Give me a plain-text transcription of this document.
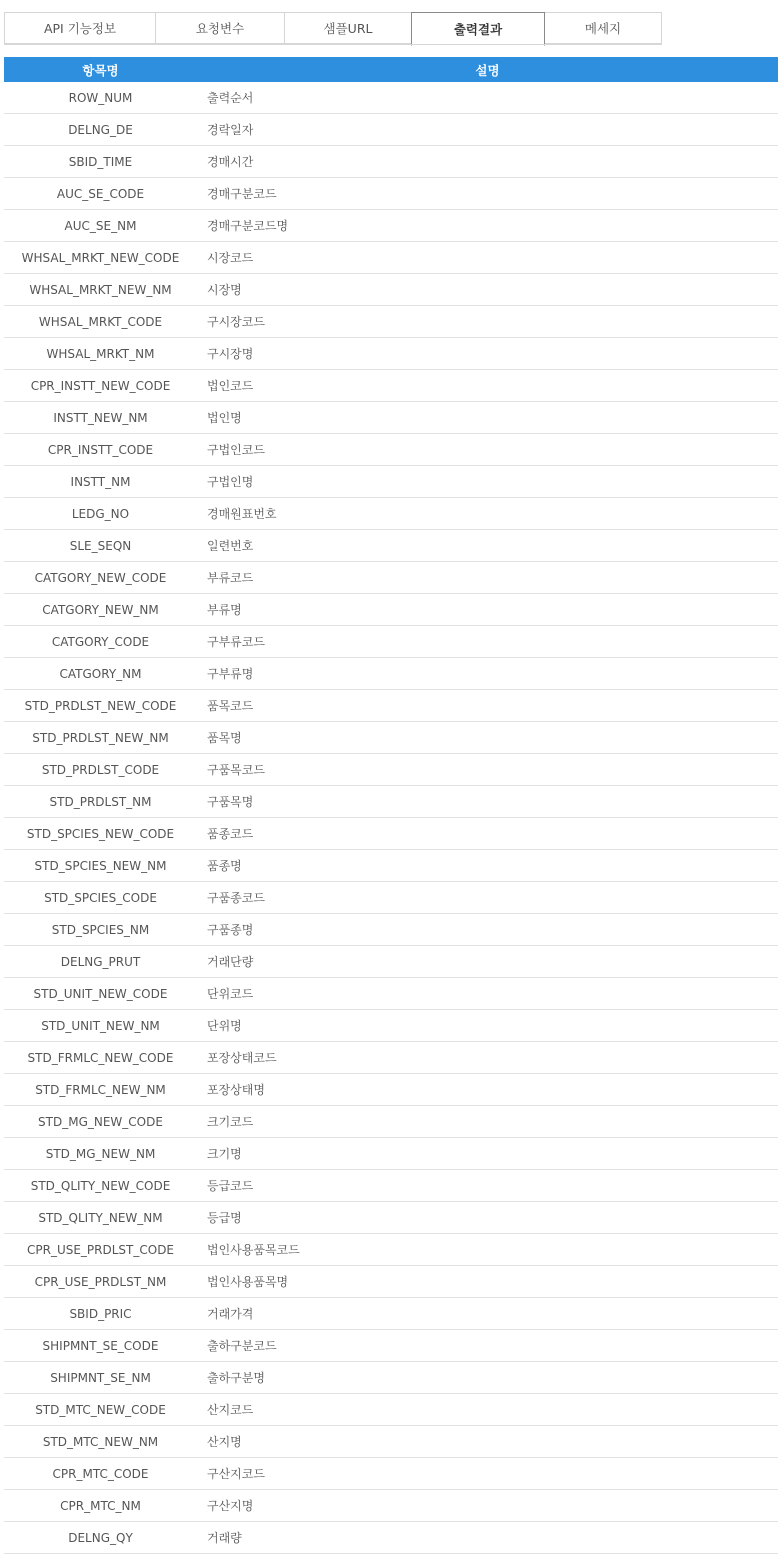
API 기능정보	요청변수	샘플URL	출력결과	메세지
항목명	설명
ROW_NUM	출력순서
DELNG_DE	경락일자
SBID_TIME	경매시간
AUC_SE_CODE	경매구분코드
AUC_SE_NM	경매구분코드명
WHSAL_MRKT_NEW_CODE	시장코드
WHSAL_MRKT_NEW_NM	시장명
WHSAL_MRKT_CODE	구시장코드
WHSAL_MRKT_NM	구시장명
CPR_INSTT_NEW_CODE	법인코드
INSTT_NEW_NM	법인명
CPR_INSTT_CODE	구법인코드
INSTT_NM	구법인명
LEDG_NO	경매원표번호
SLE_SEQN	일련번호
CATGORY_NEW_CODE	부류코드
CATGORY_NEW_NM	부류명
CATGORY_CODE	구부류코드
CATGORY_NM	구부류명
STD_PRDLST_NEW_CODE	품목코드
STD_PRDLST_NEW_NM	품목명
STD_PRDLST_CODE	구품목코드
STD_PRDLST_NM	구품목명
STD_SPCIES_NEW_CODE	품종코드
STD_SPCIES_NEW_NM	품종명
STD_SPCIES_CODE	구품종코드
STD_SPCIES_NM	구품종명
DELNG_PRUT	거래단량
STD_UNIT_NEW_CODE	단위코드
STD_UNIT_NEW_NM	단위명
STD_FRMLC_NEW_CODE	포장상태코드
STD_FRMLC_NEW_NM	포장상태명
STD_MG_NEW_CODE	크기코드
STD_MG_NEW_NM	크기명
STD_QLITY_NEW_CODE	등급코드
STD_QLITY_NEW_NM	등급명
CPR_USE_PRDLST_CODE	법인사용품목코드
CPR_USE_PRDLST_NM	법인사용품목명
SBID_PRIC	거래가격
SHIPMNT_SE_CODE	출하구분코드
SHIPMNT_SE_NM	출하구분명
STD_MTC_NEW_CODE	산지코드
STD_MTC_NEW_NM	산지명
CPR_MTC_CODE	구산지코드
CPR_MTC_NM	구산지명
DELNG_QY	거래량
